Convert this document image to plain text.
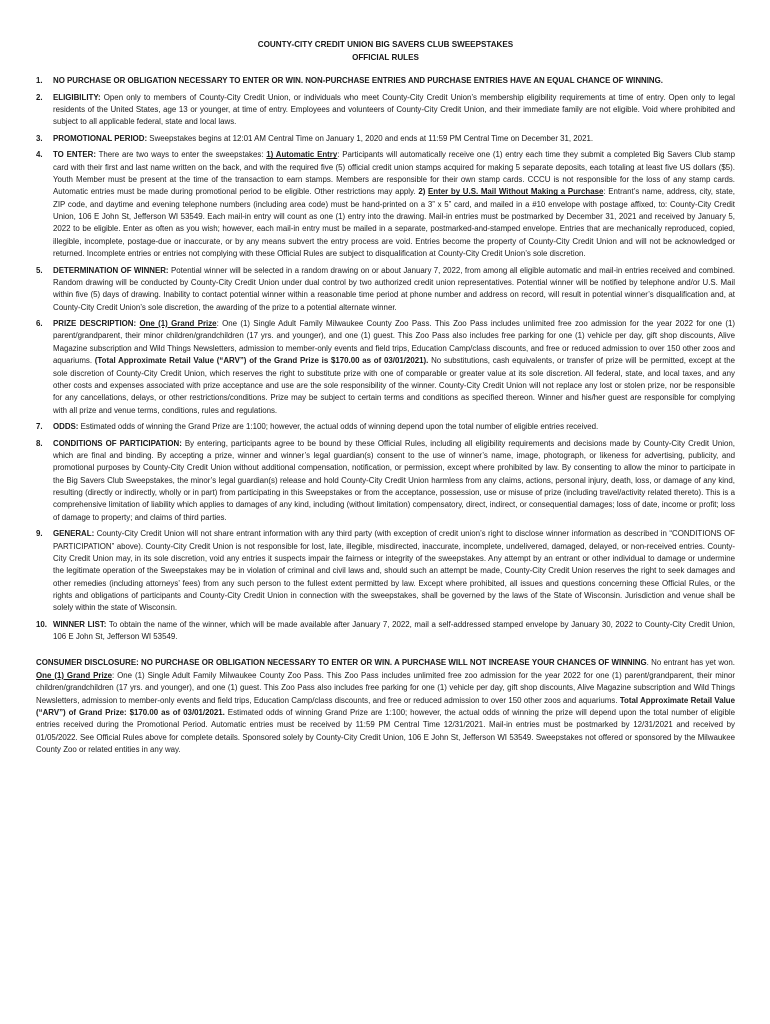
COUNTY-CITY CREDIT UNION BIG SAVERS CLUB SWEEPSTAKES
OFFICIAL RULES
1. NO PURCHASE OR OBLIGATION NECESSARY TO ENTER OR WIN. NON-PURCHASE ENTRIES AND PURCHASE ENTRIES HAVE AN EQUAL CHANCE OF WINNING.
2. ELIGIBILITY: Open only to members of County-City Credit Union, or individuals who meet County-City Credit Union’s membership eligibility requirements at time of entry. Open only to legal residents of the United States, age 13 or younger, at time of entry. Employees and volunteers of County-City Credit Union, and their immediate family are not eligible. Void where prohibited and subject to all applicable federal, state and local laws.
3. PROMOTIONAL PERIOD: Sweepstakes begins at 12:01 AM Central Time on January 1, 2020 and ends at 11:59 PM Central Time on December 31, 2021.
4. TO ENTER: There are two ways to enter the sweepstakes: 1) Automatic Entry: Participants will automatically receive one (1) entry each time they submit a completed Big Savers Club stamp card with their first and last name written on the back, and with the required five (5) official credit union stamps acquired for making 5 separate deposits, each totaling at least five US dollars ($5). Youth Member must be present at the time of the transaction to earn stamps. Members are responsible for their own stamp cards. CCCU is not responsible for the loss of any stamp cards. Automatic entries must be made during promotional period to be eligible. Other restrictions may apply. 2) Enter by U.S. Mail Without Making a Purchase: Entrant’s name, address, city, state, ZIP code, and daytime and evening telephone numbers (including area code) must be hand-printed on a 3” x 5” card, and mailed in a #10 envelope with postage affixed, to: County-City Credit Union, 106 E John St, Jefferson WI 53549. Each mail-in entry will count as one (1) entry into the drawing. Mail-in entries must be postmarked by December 31, 2021 and received by January 5, 2022 to be eligible. Enter as often as you wish; however, each mail-in entry must be mailed in a separate, postmarked-and-stamped envelope. Entries that are mechanically reproduced, copied, illegible, incomplete, postage-due or inaccurate, or by any means subvert the entry process are void. Entries become the property of County-City Credit Union and will not be acknowledged or returned. Incomplete entries or entries not complying with these Official Rules are subject to disqualification at County-City Credit Union’s sole discretion.
5. DETERMINATION OF WINNER: Potential winner will be selected in a random drawing on or about January 7, 2022, from among all eligible automatic and mail-in entries received and combined. Random drawing will be conducted by County-City Credit Union under dual control by two authorized credit union representatives. Potential winner will be notified by telephone and/or U.S. Mail within five (5) days of drawing. Inability to contact potential winner within a reasonable time period at phone number and address on record, will result in potential winner’s disqualification and, at County-City Credit Union’s sole discretion, the awarding of the prize to a potential alternate winner.
6. PRIZE DESCRIPTION: One (1) Grand Prize: One (1) Single Adult Family Milwaukee County Zoo Pass. This Zoo Pass includes unlimited free zoo admission for the year 2022 for one (1) parent/grandparent, their minor children/grandchildren (17 yrs. and younger), and one (1) guest. This Zoo Pass also includes free parking for one (1) vehicle per day, gift shop discounts, Alive Magazine subscription and Wild Things Newsletters, admission to member-only events and field trips, Education Camp/class discounts, and free or reduced admission to over 150 other zoos and aquariums. (Total Approximate Retail Value (“ARV”) of the Grand Prize is $170.00 as of 03/01/2021). No substitutions, cash equivalents, or transfer of prize will be permitted, except at the sole discretion of County-City Credit Union, which reserves the right to substitute prize with one of comparable or greater value at its sole discretion. All federal, state, and local taxes, and any other costs and expenses associated with prize acceptance and use are the sole responsibility of the winner. County-City Credit Union will not replace any lost or stolen prize, nor be responsible for any cancellations, delays, or other restrictions/conditions. Prize may be subject to certain terms and conditions as specified thereon. Winner and his/her guest are responsible for complying with all prize and venue terms, conditions, rules and regulations.
7. ODDS: Estimated odds of winning the Grand Prize are 1:100; however, the actual odds of winning depend upon the total number of eligible entries received.
8. CONDITIONS OF PARTICIPATION: By entering, participants agree to be bound by these Official Rules, including all eligibility requirements and decisions made by County-City Credit Union, which are final and binding. By accepting a prize, winner and winner’s legal guardian(s) consent to the use of winner’s name, image, photograph, or likeness for advertising, publicity, and promotional purposes by County-City Credit Union without additional compensation, notification, or permission, except where prohibited by law. By consenting to allow the minor to participate in the Big Savers Club Sweepstakes, the minor’s legal guardian(s) release and hold County-City Credit Union harmless from any claims, actions, personal injury, death, loss, or damage of any kind, resulting (directly or indirectly, wholly or in part) from participating in this Sweepstakes or from the acceptance, possession, use or misuse of prize (including travel/activity related thereto). This is a comprehensive limitation of liability which applies to damages of any kind, including (without limitation) compensatory, direct, indirect, or consequential damages; loss of date, income or profit; loss of damage to property; and claims of third parties.
9. GENERAL: County-City Credit Union will not share entrant information with any third party (with exception of credit union’s right to disclose winner information as described in “CONDITIONS OF PARTICIPATION” above). County-City Credit Union is not responsible for lost, late, illegible, misdirected, inaccurate, incomplete, undelivered, damaged, delayed, or non-received entries. County-City Credit Union may, in its sole discretion, void any entries it suspects impair the fairness or integrity of the sweepstakes. Any attempt by an entrant or other individual to damage or undermine the legitimate operation of the Sweepstakes may be in violation of criminal and civil laws and, should such an attempt be made, County-City Credit Union reserves the right to seek damages and other remedies (including attorneys’ fees) from any such person to the fullest extent permitted by law. Except where prohibited, all issues and questions concerning these Official Rules, or the rights and obligations of participants and County-City Credit Union in connection with the sweepstakes, shall be governed by the laws of the State of Wisconsin. Jurisdiction and venue shall be solely within the state of Wisconsin.
10. WINNER LIST: To obtain the name of the winner, which will be made available after January 7, 2022, mail a self-addressed stamped envelope by January 30, 2022 to County-City Credit Union, 106 E John St, Jefferson WI 53549.
CONSUMER DISCLOSURE: NO PURCHASE OR OBLIGATION NECESSARY TO ENTER OR WIN. A PURCHASE WILL NOT INCREASE YOUR CHANCES OF WINNING. No entrant has yet won. One (1) Grand Prize: One (1) Single Adult Family Milwaukee County Zoo Pass. This Zoo Pass includes unlimited free zoo admission for the year 2022 for one (1) parent/grandparent, their minor children/grandchildren (17 yrs. and younger), and one (1) guest. This Zoo Pass also includes free parking for one (1) vehicle per day, gift shop discounts, Alive Magazine subscription and Wild Things Newsletters, admission to member-only events and field trips, Education Camp/class discounts, and free or reduced admission to over 150 other zoos and aquariums. Total Approximate Retail Value (“ARV”) of Grand Prize: $170.00 as of 03/01/2021. Estimated odds of winning Grand Prize are 1:100; however, the actual odds of winning the prize will depend upon the total number of eligible entries received during the Promotional Period. Automatic entries must be received by 11:59 PM Central Time 12/31/2021. Mail-in entries must be postmarked by 12/31/2021 and received by 01/05/2022. See Official Rules above for complete details. Sponsored solely by County-City Credit Union, 106 E John St, Jefferson WI 53549. Sweepstakes not offered or sponsored by the Milwaukee County Zoo or related entities in any way.
